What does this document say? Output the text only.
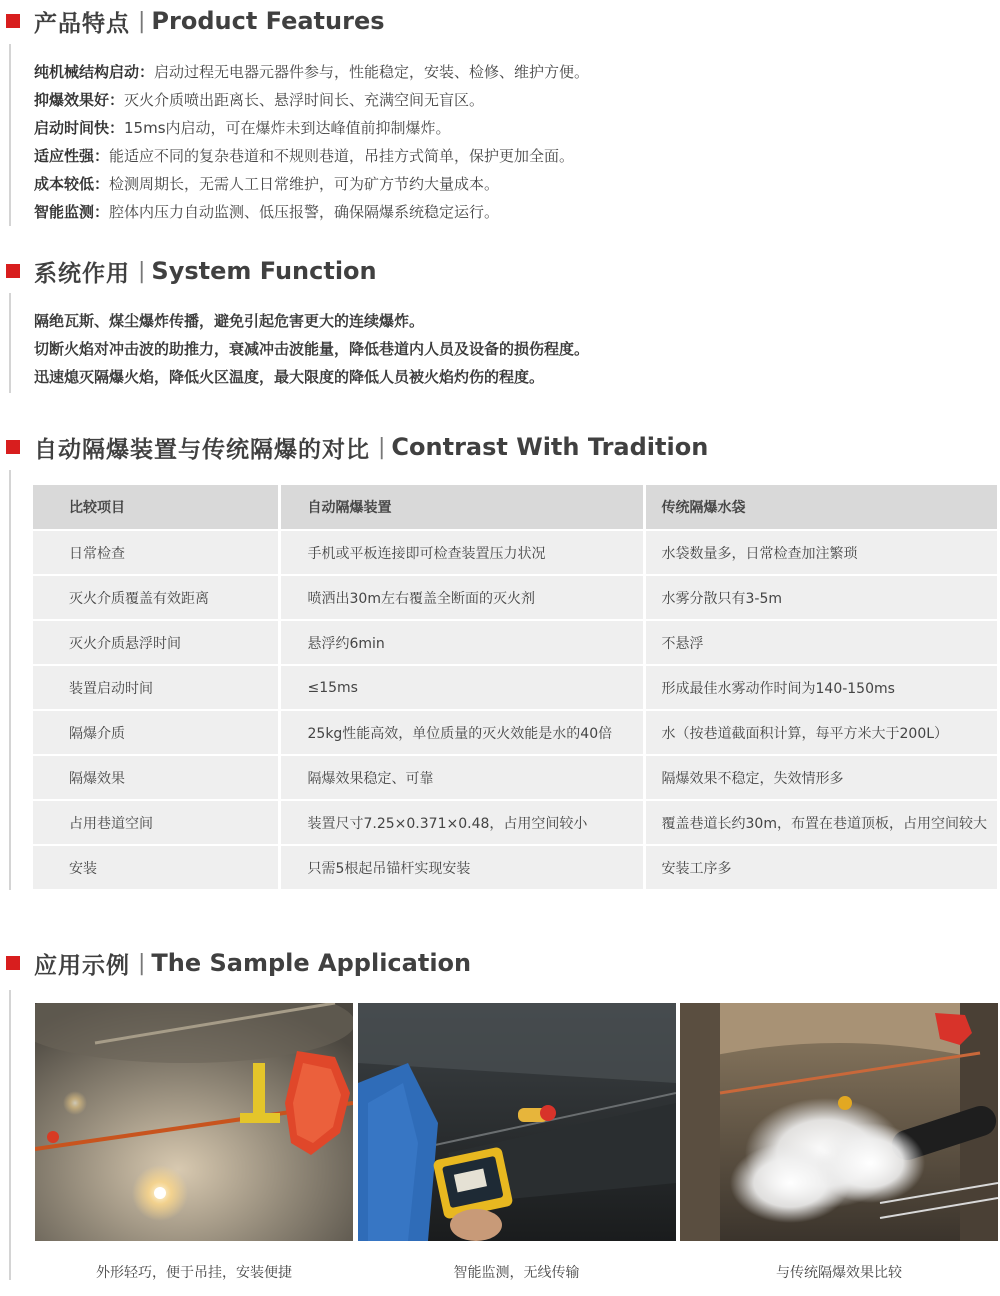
产品特点 | Product Features
纯机械结构启动：启动过程无电器元器件参与，性能稳定，安装、检修、维护方便。
抑爆效果好：灭火介质喷出距离长、悬浮时间长、充满空间无盲区。
启动时间快：15ms内启动，可在爆炸未到达峰值前抑制爆炸。
适应性强：能适应不同的复杂巷道和不规则巷道，吊挂方式简单，保护更加全面。
成本较低：检测周期长，无需人工日常维护，可为矿方节约大量成本。
智能监测：腔体内压力自动监测、低压报警，确保隔爆系统稳定运行。
系统作用 | System Function
隔绝瓦斯、煤尘爆炸传播，避免引起危害更大的连续爆炸。
切断火焰对冲击波的助推力，衰减冲击波能量，降低巷道内人员及设备的损伤程度。
迅速熄灭隔爆火焰，降低火区温度，最大限度的降低人员被火焰灼伤的程度。
自动隔爆装置与传统隔爆的对比 | Contrast With Tradition
比较项目	自动隔爆装置	传统隔爆水袋
日常检查	手机或平板连接即可检查装置压力状况	水袋数量多，日常检查加注繁琐
灭火介质覆盖有效距离	喷洒出30m左右覆盖全断面的灭火剂	水雾分散只有3-5m
灭火介质悬浮时间	悬浮约6min	不悬浮
装置启动时间	≤15ms	形成最佳水雾动作时间为140-150ms
隔爆介质	25kg性能高效，单位质量的灭火效能是水的40倍	水（按巷道截面积计算，每平方米大于200L）
隔爆效果	隔爆效果稳定、可靠	隔爆效果不稳定，失效情形多
占用巷道空间	装置尺寸7.25×0.371×0.48，占用空间较小	覆盖巷道长约30m，布置在巷道顶板，占用空间较大
安装	只需5根起吊锚杆实现安装	安装工序多
应用示例 | The Sample Application
外形轻巧，便于吊挂，安装便捷	智能监测，无线传输	与传统隔爆效果比较
